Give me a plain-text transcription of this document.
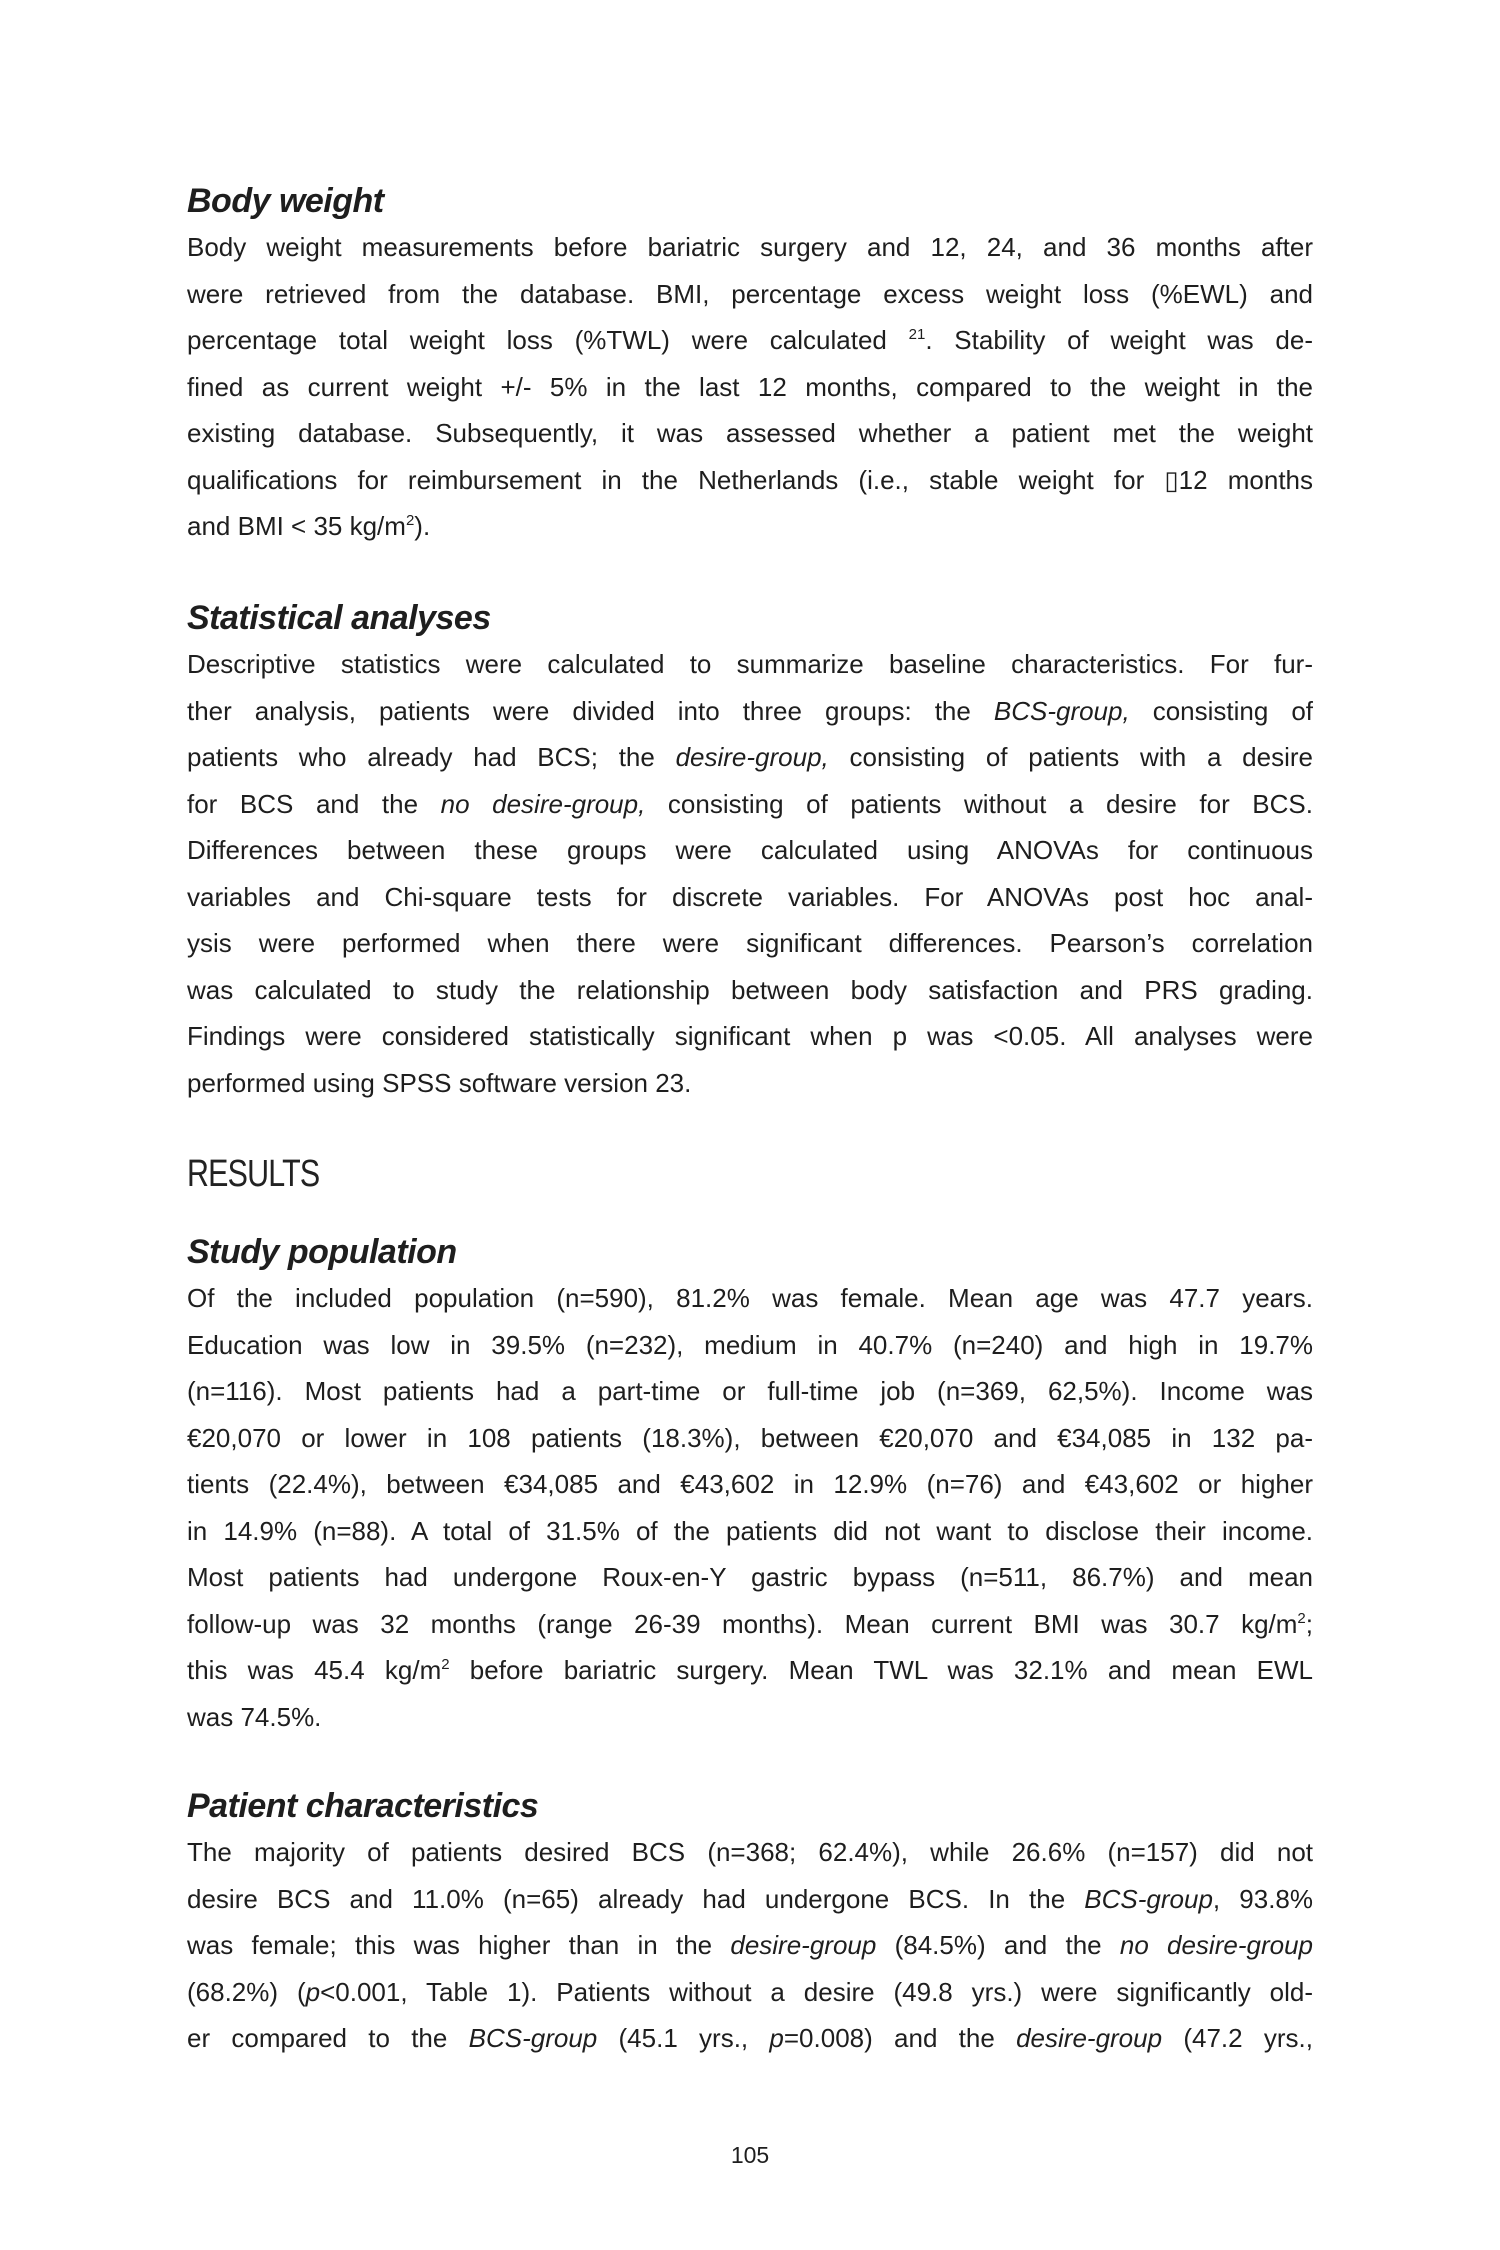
Body weight
Body weight measurements before bariatric surgery and 12, 24, and 36 months after
were retrieved from the database. BMI, percentage excess weight loss (%EWL) and
percentage total weight loss (%TWL) were calculated $^{21}$. Stability of weight was de-
fined as current weight +/- 5% in the last 12 months, compared to the weight in the
existing database. Subsequently, it was assessed whether a patient met the weight
qualifications for reimbursement in the Netherlands (i.e., stable weight for ▯12 months
and BMI < 35 $kg/m^2$).
Statistical analyses
Descriptive statistics were calculated to summarize baseline characteristics. For fur-
ther analysis, patients were divided into three groups: the BCS-group, consisting of
patients who already had BCS; the desire-group, consisting of patients with a desire
for BCS and the no desire-group, consisting of patients without a desire for BCS.
Differences between these groups were calculated using ANOVAs for continuous
variables and Chi-square tests for discrete variables. For ANOVAs post hoc anal-
ysis were performed when there were significant differences. Pearson’s correlation
was calculated to study the relationship between body satisfaction and PRS grading.
Findings were considered statistically significant when p was <0.05. All analyses were
performed using SPSS software version 23.
RESULTS
Study population
Of the included population (n=590), 81.2% was female. Mean age was 47.7 years.
Education was low in 39.5% (n=232), medium in 40.7% (n=240) and high in 19.7%
(n=116). Most patients had a part-time or full-time job (n=369, 62,5%). Income was
€20,070 or lower in 108 patients (18.3%), between €20,070 and €34,085 in 132 pa-
tients (22.4%), between €34,085 and €43,602 in 12.9% (n=76) and €43,602 or higher
in 14.9% (n=88). A total of 31.5% of the patients did not want to disclose their income.
Most patients had undergone Roux-en-Y gastric bypass (n=511, 86.7%) and mean
follow-up was 32 months (range 26-39 months). Mean current BMI was 30.7 $kg/m^2$;
this was 45.4 $kg/m^2$ before bariatric surgery. Mean TWL was 32.1% and mean EWL
was 74.5%.
Patient characteristics
The majority of patients desired BCS (n=368; 62.4%), while 26.6% (n=157) did not
desire BCS and 11.0% (n=65) already had undergone BCS. In the BCS-group, 93.8%
was female; this was higher than in the desire-group (84.5%) and the no desire-group
(68.2%) (p<0.001, Table 1). Patients without a desire (49.8 yrs.) were significantly old-
er compared to the BCS-group (45.1 yrs., p=0.008) and the desire-group (47.2 yrs.,
105
